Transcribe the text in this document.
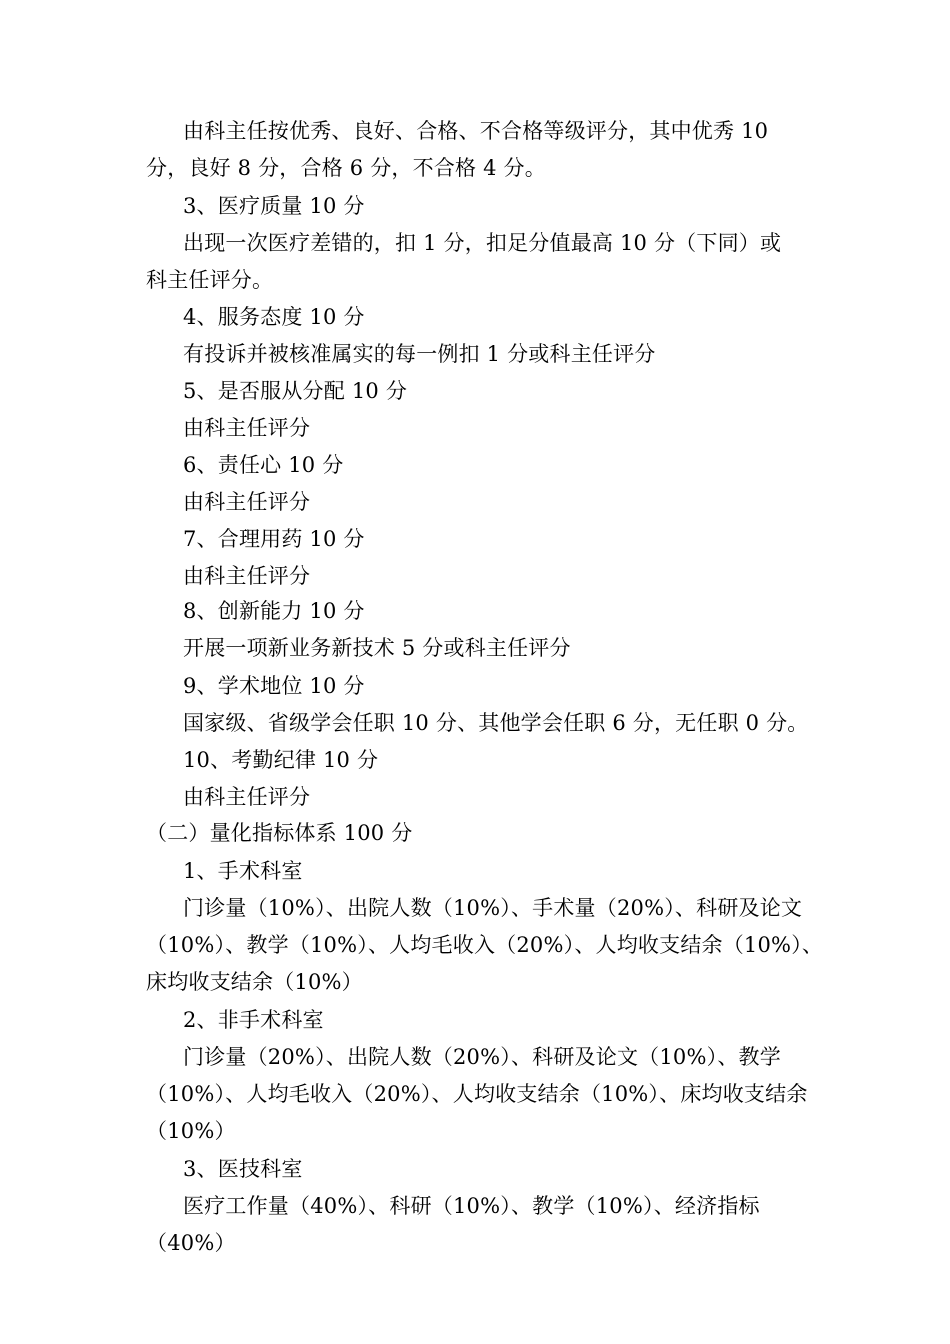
由科主任按优秀、良好、合格、不合格等级评分，其中优秀 10
分，良好 8 分，合格 6 分，不合格 4 分。
3、医疗质量 10 分
出现一次医疗差错的，扣 1 分，扣足分值最高 10 分（下同）或
科主任评分。
4、服务态度 10 分
有投诉并被核准属实的每一例扣 1 分或科主任评分
5、是否服从分配 10 分
由科主任评分
6、责任心 10 分
由科主任评分
7、合理用药 10 分
由科主任评分
8、创新能力 10 分
开展一项新业务新技术 5 分或科主任评分
9、学术地位 10 分
国家级、省级学会任职 10 分、其他学会任职 6 分，无任职 0 分。
10、考勤纪律 10 分
由科主任评分
（二）量化指标体系 100 分
1、手术科室
门诊量（10%）、出院人数（10%）、手术量（20%）、科研及论文
（10%）、教学（10%）、人均毛收入（20%）、人均收支结余（10%）、
床均收支结余（10%）
2、非手术科室
门诊量（20%）、出院人数（20%）、科研及论文（10%）、教学
（10%）、人均毛收入（20%）、人均收支结余（10%）、床均收支结余
（10%）
3、医技科室
医疗工作量（40%）、科研（10%）、教学（10%）、经济指标
（40%）
